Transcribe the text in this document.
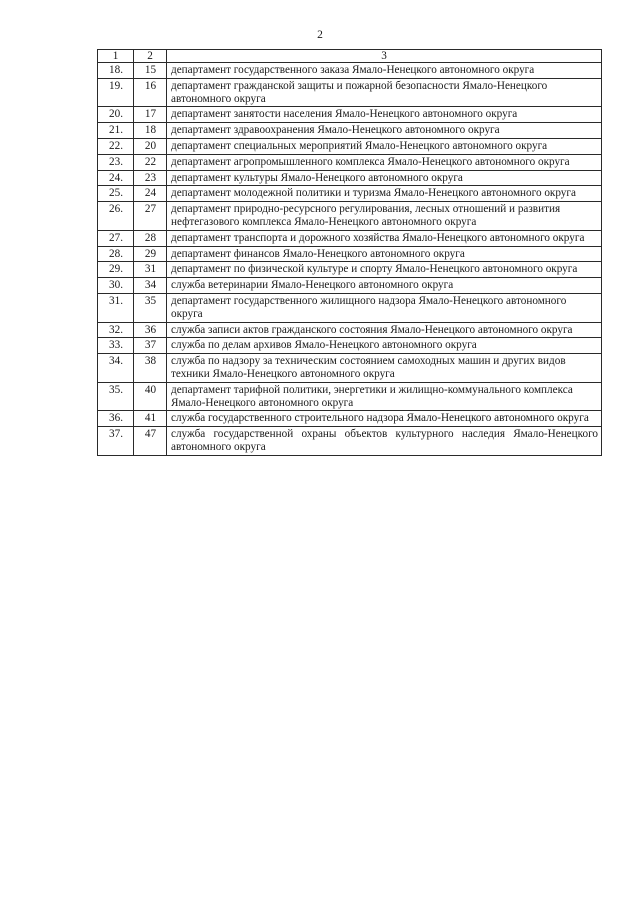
2
1	2	3
18.	15	департамент государственного заказа Ямало-Ненецкого автономного округа
19.	16	департамент гражданской защиты и пожарной безопасности Ямало-Ненецкого автономного округа
20.	17	департамент занятости населения Ямало-Ненецкого автономного округа
21.	18	департамент здравоохранения Ямало-Ненецкого автономного округа
22.	20	департамент специальных мероприятий Ямало-Ненецкого автономного округа
23.	22	департамент агропромышленного комплекса Ямало-Ненецкого автономного округа
24.	23	департамент культуры Ямало-Ненецкого автономного округа
25.	24	департамент молодежной политики и туризма Ямало-Ненецкого автономного округа
26.	27	департамент природно-ресурсного регулирования, лесных отношений и развития нефтегазового комплекса Ямало-Ненецкого автономного округа
27.	28	департамент транспорта и дорожного хозяйства Ямало-Ненецкого автономного округа
28.	29	департамент финансов Ямало-Ненецкого автономного округа
29.	31	департамент по физической культуре и спорту Ямало-Ненецкого автономного округа
30.	34	служба ветеринарии Ямало-Ненецкого автономного округа
31.	35	департамент государственного жилищного надзора Ямало-Ненецкого автономного округа
32.	36	служба записи актов гражданского состояния Ямало-Ненецкого автономного округа
33.	37	служба по делам архивов Ямало-Ненецкого автономного округа
34.	38	служба по надзору за техническим состоянием самоходных машин и других видов техники Ямало-Ненецкого автономного округа
35.	40	департамент тарифной политики, энергетики и жилищно-коммунального комплекса Ямало-Ненецкого автономного округа
36.	41	служба государственного строительного надзора Ямало-Ненецкого автономного округа
37.	47	служба государственной охраны объектов культурного наследия Ямало-Ненецкого автономного округа
